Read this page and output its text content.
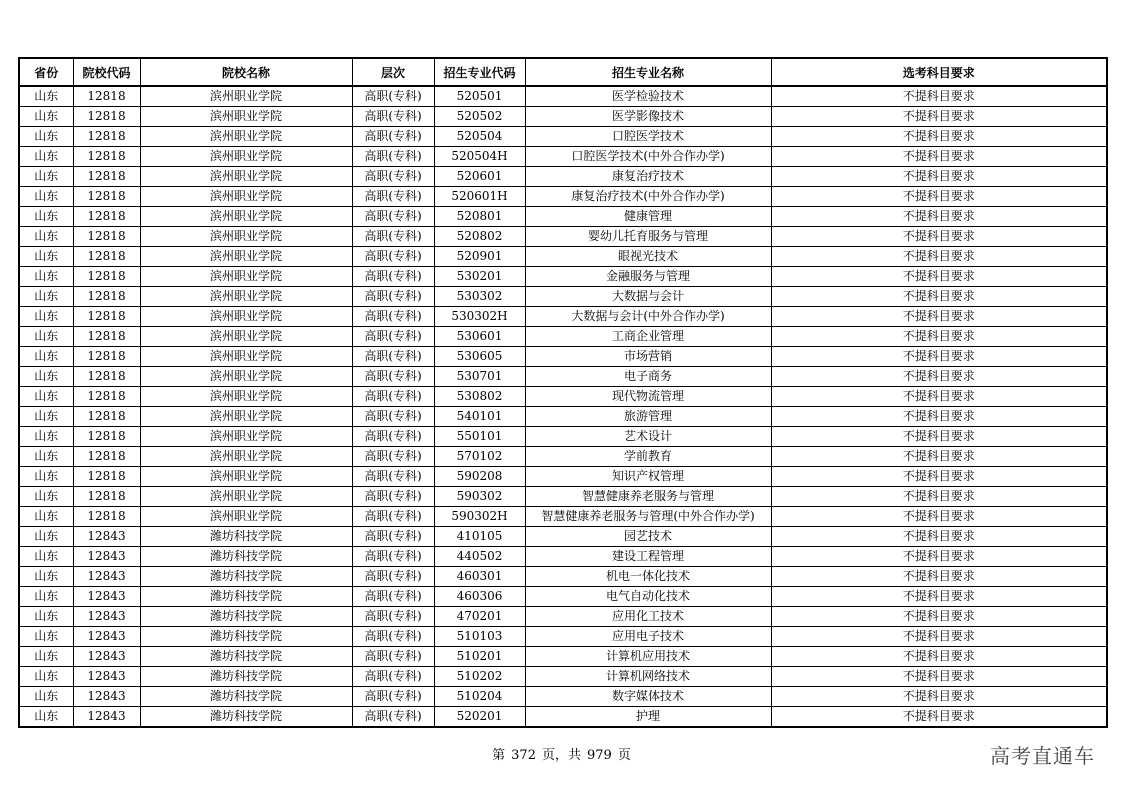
省份	院校代码	院校名称	层次	招生专业代码	招生专业名称	选考科目要求
山东	12818	滨州职业学院	高职(专科)	520501	医学检验技术	不提科目要求
山东	12818	滨州职业学院	高职(专科)	520502	医学影像技术	不提科目要求
山东	12818	滨州职业学院	高职(专科)	520504	口腔医学技术	不提科目要求
山东	12818	滨州职业学院	高职(专科)	520504H	口腔医学技术(中外合作办学)	不提科目要求
山东	12818	滨州职业学院	高职(专科)	520601	康复治疗技术	不提科目要求
山东	12818	滨州职业学院	高职(专科)	520601H	康复治疗技术(中外合作办学)	不提科目要求
山东	12818	滨州职业学院	高职(专科)	520801	健康管理	不提科目要求
山东	12818	滨州职业学院	高职(专科)	520802	婴幼儿托育服务与管理	不提科目要求
山东	12818	滨州职业学院	高职(专科)	520901	眼视光技术	不提科目要求
山东	12818	滨州职业学院	高职(专科)	530201	金融服务与管理	不提科目要求
山东	12818	滨州职业学院	高职(专科)	530302	大数据与会计	不提科目要求
山东	12818	滨州职业学院	高职(专科)	530302H	大数据与会计(中外合作办学)	不提科目要求
山东	12818	滨州职业学院	高职(专科)	530601	工商企业管理	不提科目要求
山东	12818	滨州职业学院	高职(专科)	530605	市场营销	不提科目要求
山东	12818	滨州职业学院	高职(专科)	530701	电子商务	不提科目要求
山东	12818	滨州职业学院	高职(专科)	530802	现代物流管理	不提科目要求
山东	12818	滨州职业学院	高职(专科)	540101	旅游管理	不提科目要求
山东	12818	滨州职业学院	高职(专科)	550101	艺术设计	不提科目要求
山东	12818	滨州职业学院	高职(专科)	570102	学前教育	不提科目要求
山东	12818	滨州职业学院	高职(专科)	590208	知识产权管理	不提科目要求
山东	12818	滨州职业学院	高职(专科)	590302	智慧健康养老服务与管理	不提科目要求
山东	12818	滨州职业学院	高职(专科)	590302H	智慧健康养老服务与管理(中外合作办学)	不提科目要求
山东	12843	潍坊科技学院	高职(专科)	410105	园艺技术	不提科目要求
山东	12843	潍坊科技学院	高职(专科)	440502	建设工程管理	不提科目要求
山东	12843	潍坊科技学院	高职(专科)	460301	机电一体化技术	不提科目要求
山东	12843	潍坊科技学院	高职(专科)	460306	电气自动化技术	不提科目要求
山东	12843	潍坊科技学院	高职(专科)	470201	应用化工技术	不提科目要求
山东	12843	潍坊科技学院	高职(专科)	510103	应用电子技术	不提科目要求
山东	12843	潍坊科技学院	高职(专科)	510201	计算机应用技术	不提科目要求
山东	12843	潍坊科技学院	高职(专科)	510202	计算机网络技术	不提科目要求
山东	12843	潍坊科技学院	高职(专科)	510204	数字媒体技术	不提科目要求
山东	12843	潍坊科技学院	高职(专科)	520201	护理	不提科目要求
第 372 页，共 979 页	高考直通车
